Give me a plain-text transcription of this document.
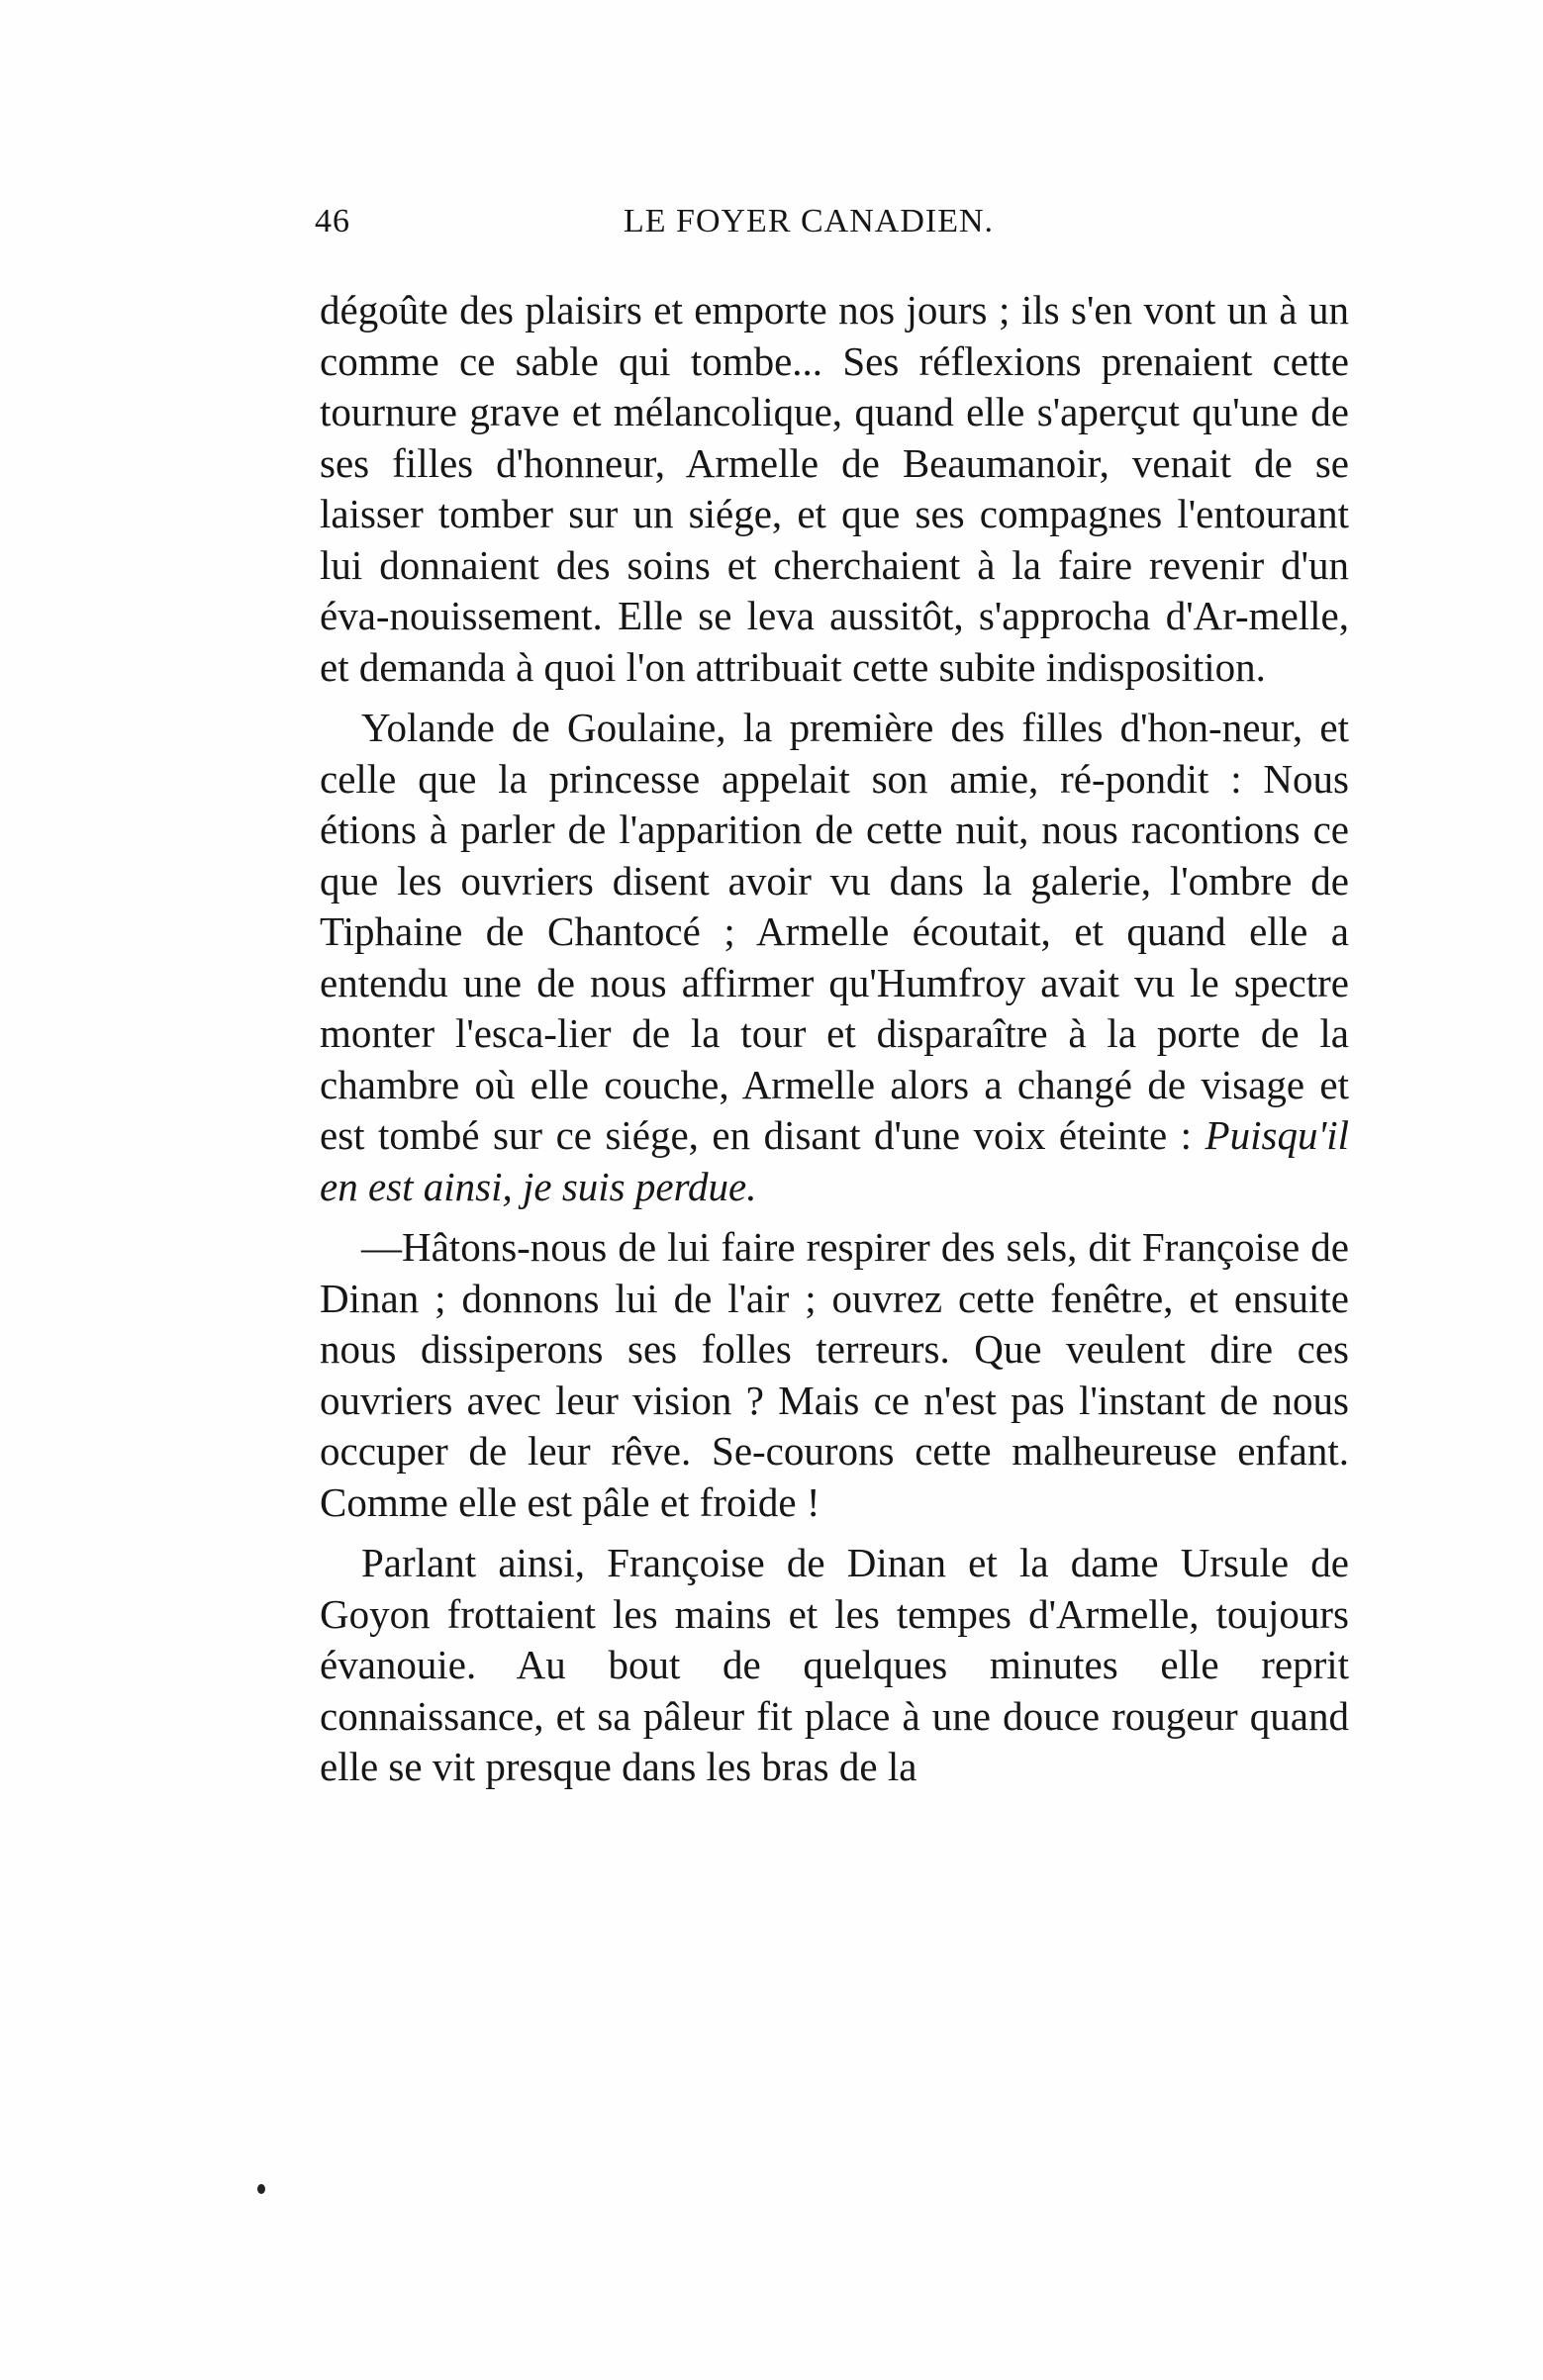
46	LE FOYER CANADIEN.

dégoûte des plaisirs et emporte nos jours ; ils s'en vont un à un comme ce sable qui tombe... Ses réflexions prenaient cette tournure grave et mélancolique, quand elle s'aperçut qu'une de ses filles d'honneur, Armelle de Beaumanoir, venait de se laisser tomber sur un siége, et que ses compagnes l'entourant lui donnaient des soins et cherchaient à la faire revenir d'un éva-nouissement. Elle se leva aussitôt, s'approcha d'Ar-melle, et demanda à quoi l'on attribuait cette subite indisposition.

Yolande de Goulaine, la première des filles d'hon-neur, et celle que la princesse appelait son amie, ré-pondit : Nous étions à parler de l'apparition de cette nuit, nous racontions ce que les ouvriers disent avoir vu dans la galerie, l'ombre de Tiphaine de Chantocé ; Armelle écoutait, et quand elle a entendu une de nous affirmer qu'Humfroy avait vu le spectre monter l'esca-lier de la tour et disparaître à la porte de la chambre où elle couche, Armelle alors a changé de visage et est tombé sur ce siége, en disant d'une voix éteinte : Puisqu'il en est ainsi, je suis perdue.

—Hâtons-nous de lui faire respirer des sels, dit Françoise de Dinan ; donnons lui de l'air ; ouvrez cette fenêtre, et ensuite nous dissiperons ses folles terreurs. Que veulent dire ces ouvriers avec leur vision ? Mais ce n'est pas l'instant de nous occuper de leur rêve. Se-courons cette malheureuse enfant. Comme elle est pâle et froide !

Parlant ainsi, Françoise de Dinan et la dame Ursule de Goyon frottaient les mains et les tempes d'Armelle, toujours évanouie. Au bout de quelques minutes elle reprit connaissance, et sa pâleur fit place à une douce rougeur quand elle se vit presque dans les bras de la
